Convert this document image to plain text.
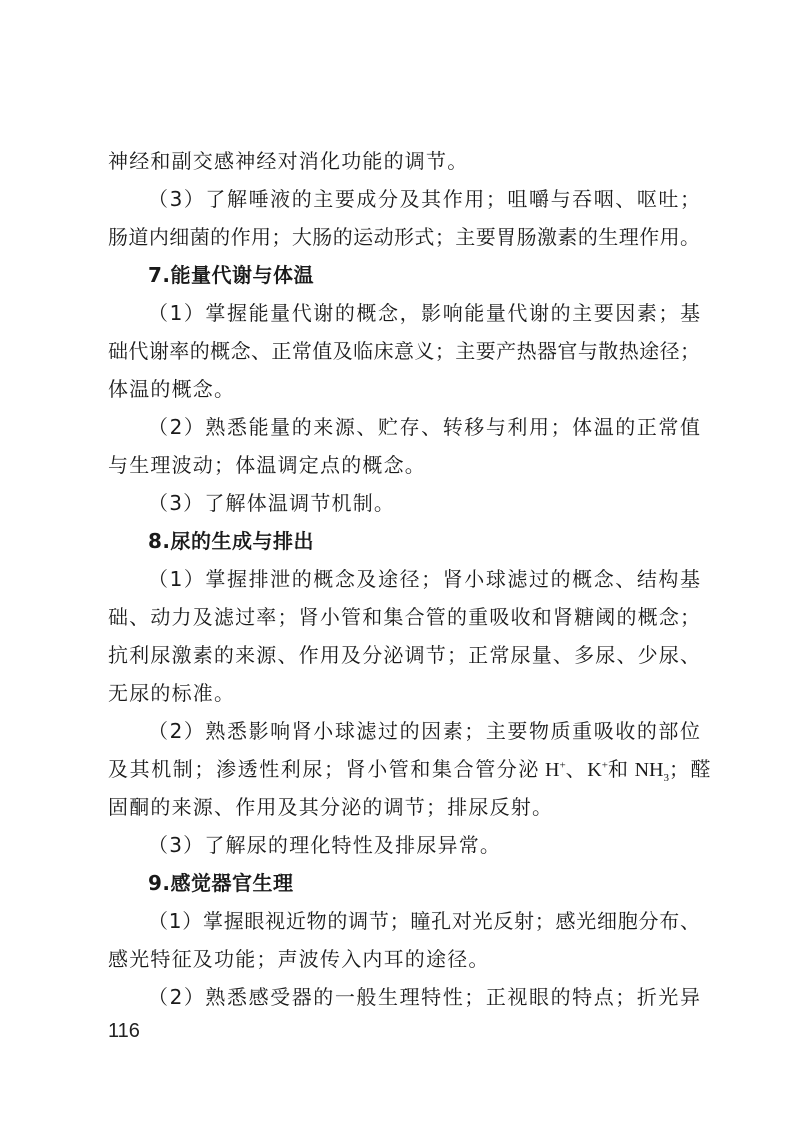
神经和副交感神经对消化功能的调节。
（3）了解唾液的主要成分及其作用；咀嚼与吞咽、呕吐；
肠道内细菌的作用；大肠的运动形式；主要胃肠激素的生理作用。
7.能量代谢与体温
（1）掌握能量代谢的概念，影响能量代谢的主要因素；基
础代谢率的概念、正常值及临床意义；主要产热器官与散热途径；
体温的概念。
（2）熟悉能量的来源、贮存、转移与利用；体温的正常值
与生理波动；体温调定点的概念。
（3）了解体温调节机制。
8.尿的生成与排出
（1）掌握排泄的概念及途径；肾小球滤过的概念、结构基
础、动力及滤过率；肾小管和集合管的重吸收和肾糖阈的概念；
抗利尿激素的来源、作用及分泌调节；正常尿量、多尿、少尿、
无尿的标准。
（2）熟悉影响肾小球滤过的因素；主要物质重吸收的部位
及其机制；渗透性利尿；肾小管和集合管分泌 H+、K+和 $NH_3$；醛
固酮的来源、作用及其分泌的调节；排尿反射。
（3）了解尿的理化特性及排尿异常。
9.感觉器官生理
（1）掌握眼视近物的调节；瞳孔对光反射；感光细胞分布、
感光特征及功能；声波传入内耳的途径。
（2）熟悉感受器的一般生理特性；正视眼的特点；折光异
116
